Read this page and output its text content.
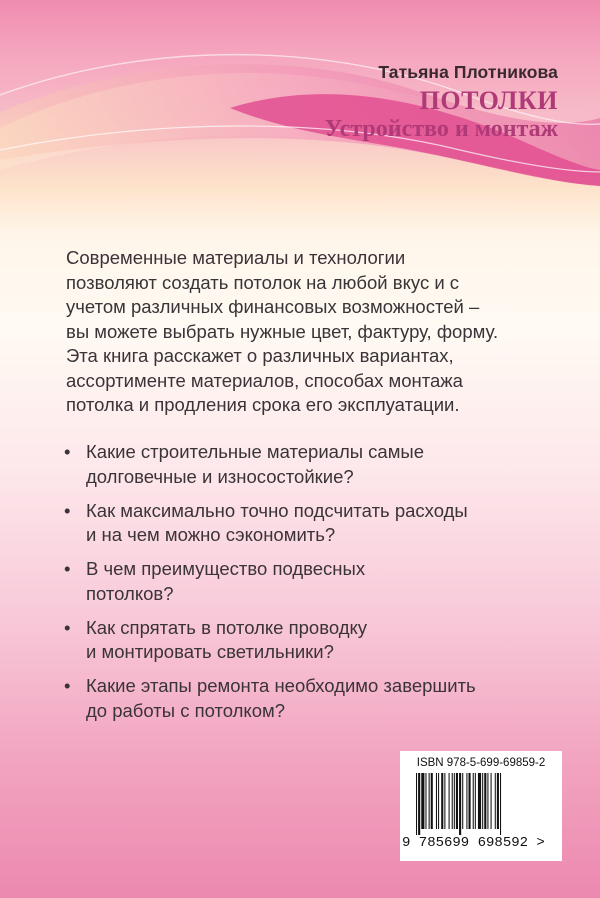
Татьяна Плотникова
ПОТОЛКИ
Устройство и монтаж

Современные материалы и технологии
позволяют создать потолок на любой вкус и с
учетом различных финансовых возможностей –
вы можете выбрать нужные цвет, фактуру, форму.
Эта книга расскажет о различных вариантах,
ассортименте материалов, способах монтажа
потолка и продления срока его эксплуатации.

• Какие строительные материалы самые
долговечные и износостойкие?
• Как максимально точно подсчитать расходы
и на чем можно сэкономить?
• В чем преимущество подвесных
потолков?
• Как спрятать в потолке проводку
и монтировать светильники?
• Какие этапы ремонта необходимо завершить
до работы с потолком?
ISBN 978-5-699-69859-2
9 785699 698592 >
